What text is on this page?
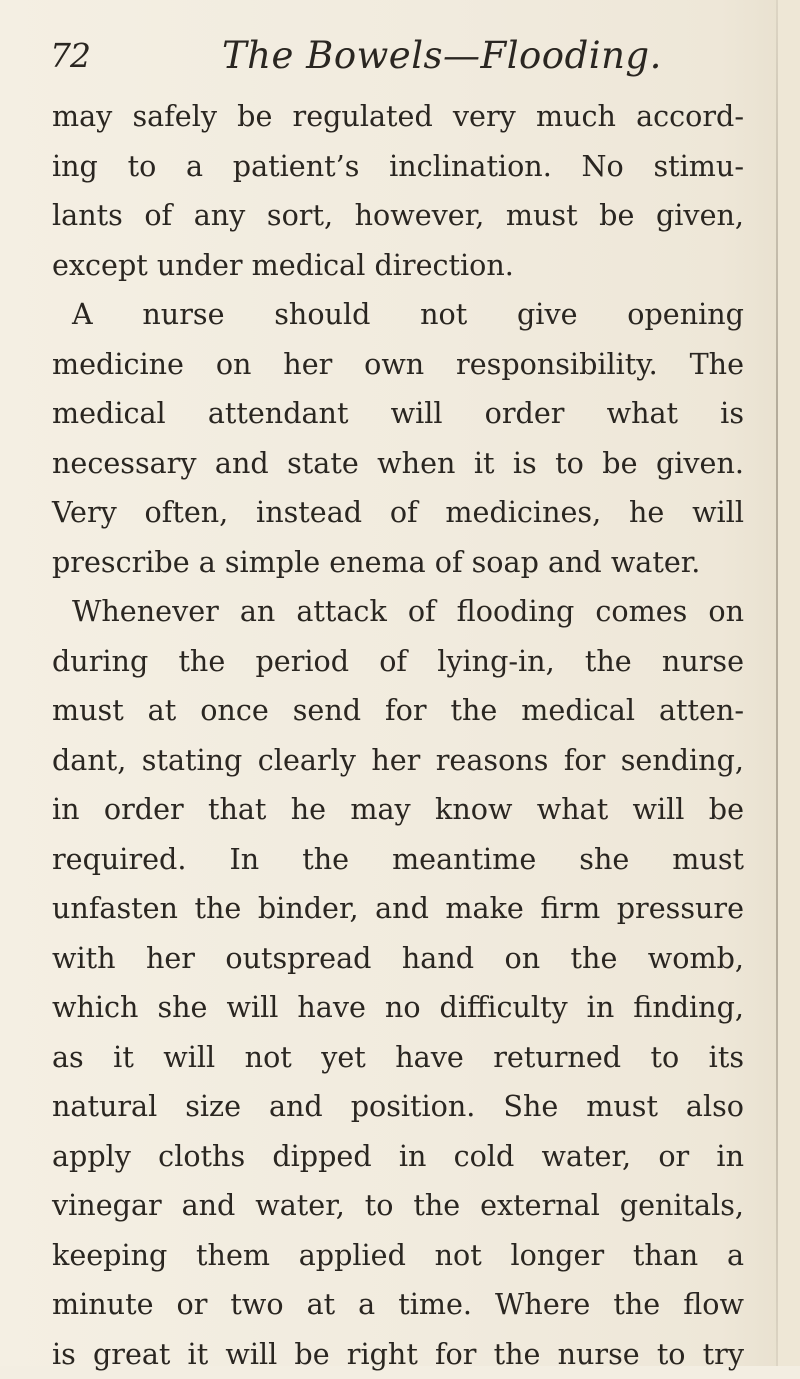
72	The Bowels—Flooding.
may safely be regulated very much accord-
ing to a patient’s inclination. No stimu-
lants of any sort, however, must be given,
except under medical direction.
A nurse should not give opening
medicine on her own responsibility. The
medical attendant will order what is
necessary and state when it is to be given.
Very often, instead of medicines, he will
prescribe a simple enema of soap and water.
Whenever an attack of flooding comes on
during the period of lying-in, the nurse
must at once send for the medical atten-
dant, stating clearly her reasons for sending,
in order that he may know what will be
required. In the meantime she must
unfasten the binder, and make firm pressure
with her outspread hand on the womb,
which she will have no difficulty in finding,
as it will not yet have returned to its
natural size and position. She must also
apply cloths dipped in cold water, or in
vinegar and water, to the external genitals,
keeping them applied not longer than a
minute or two at a time. Where the flow
is great it will be right for the nurse to try
